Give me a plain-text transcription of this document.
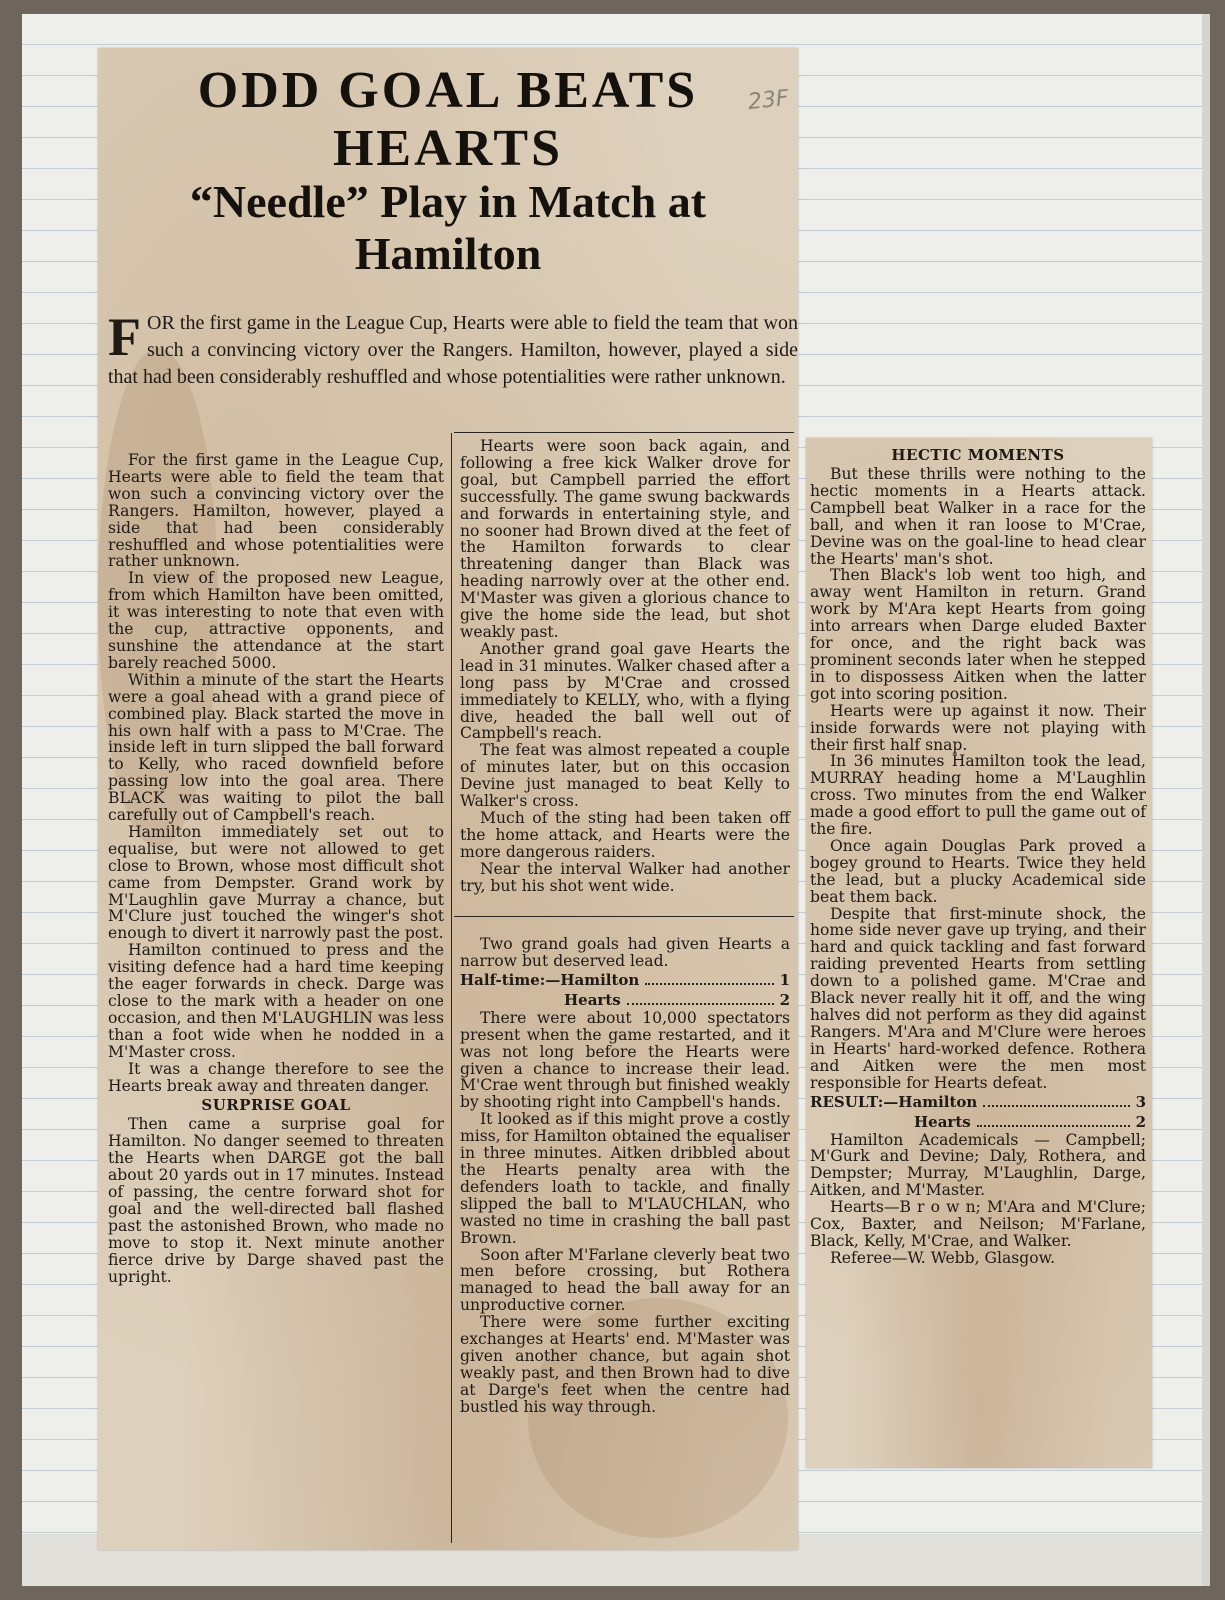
ODD GOAL BEATS HEARTS
“Needle” Play in Match at Hamilton
23F
FOR the first game in the League Cup, Hearts were able to field the team that won such a convincing victory over the Rangers. Hamilton, however, played a side that had been considerably reshuffled and whose potentialities were rather unknown.

For the first game in the League Cup, Hearts were able to field the team that won such a convincing victory over the Rangers. Hamilton, however, played a side that had been considerably reshuffled and whose potentialities were rather unknown.

In view of the proposed new League, from which Hamilton have been omitted, it was interesting to note that even with the cup, attractive opponents, and sunshine the attendance at the start barely reached 5000.

Within a minute of the start the Hearts were a goal ahead with a grand piece of combined play. Black started the move in his own half with a pass to M'Crae. The inside left in turn slipped the ball forward to Kelly, who raced downfield before passing low into the goal area. There BLACK was waiting to pilot the ball carefully out of Campbell's reach.

Hamilton immediately set out to equalise, but were not allowed to get close to Brown, whose most difficult shot came from Dempster. Grand work by M'Laughlin gave Murray a chance, but M'Clure just touched the winger's shot enough to divert it narrowly past the post.

Hamilton continued to press and the visiting defence had a hard time keeping the eager forwards in check. Darge was close to the mark with a header on one occasion, and then M'LAUGHLIN was less than a foot wide when he nodded in a M'Master cross.

It was a change therefore to see the Hearts break away and threaten danger.

SURPRISE GOAL

Then came a surprise goal for Hamilton. No danger seemed to threaten the Hearts when DARGE got the ball about 20 yards out in 17 minutes. Instead of passing, the centre forward shot for goal and the well-directed ball flashed past the astonished Brown, who made no move to stop it. Next minute another fierce drive by Darge shaved past the upright.

Hearts were soon back again, and following a free kick Walker drove for goal, but Campbell parried the effort successfully. The game swung backwards and forwards in entertaining style, and no sooner had Brown dived at the feet of the Hamilton forwards to clear threatening danger than Black was heading narrowly over at the other end. M'Master was given a glorious chance to give the home side the lead, but shot weakly past.

Another grand goal gave Hearts the lead in 31 minutes. Walker chased after a long pass by M'Crae and crossed immediately to KELLY, who, with a flying dive, headed the ball well out of Campbell's reach.

The feat was almost repeated a couple of minutes later, but on this occasion Devine just managed to beat Kelly to Walker's cross.

Much of the sting had been taken off the home attack, and Hearts were the more dangerous raiders.

Near the interval Walker had another try, but his shot went wide.

Two grand goals had given Hearts a narrow but deserved lead.

Half-time:—Hamilton	1
Hearts	2

There were about 10,000 spectators present when the game restarted, and it was not long before the Hearts were given a chance to increase their lead. M'Crae went through but finished weakly by shooting right into Campbell's hands.

It looked as if this might prove a costly miss, for Hamilton obtained the equaliser in three minutes. Aitken dribbled about the Hearts penalty area with the defenders loath to tackle, and finally slipped the ball to M'LAUCHLAN, who wasted no time in crashing the ball past Brown.

Soon after M'Farlane cleverly beat two men before crossing, but Rothera managed to head the ball away for an unproductive corner.

There were some further exciting exchanges at Hearts' end. M'Master was given another chance, but again shot weakly past, and then Brown had to dive at Darge's feet when the centre had bustled his way through.

HECTIC MOMENTS

But these thrills were nothing to the hectic moments in a Hearts attack. Campbell beat Walker in a race for the ball, and when it ran loose to M'Crae, Devine was on the goal-line to head clear the Hearts' man's shot.

Then Black's lob went too high, and away went Hamilton in return. Grand work by M'Ara kept Hearts from going into arrears when Darge eluded Baxter for once, and the right back was prominent seconds later when he stepped in to dispossess Aitken when the latter got into scoring position.

Hearts were up against it now. Their inside forwards were not playing with their first half snap.

In 36 minutes Hamilton took the lead, MURRAY heading home a M'Laughlin cross. Two minutes from the end Walker made a good effort to pull the game out of the fire.

Once again Douglas Park proved a bogey ground to Hearts. Twice they held the lead, but a plucky Academical side beat them back.

Despite that first-minute shock, the home side never gave up trying, and their hard and quick tackling and fast forward raiding prevented Hearts from settling down to a polished game. M'Crae and Black never really hit it off, and the wing halves did not perform as they did against Rangers. M'Ara and M'Clure were heroes in Hearts' hard-worked defence. Rothera and Aitken were the men most responsible for Hearts defeat.

RESULT:—Hamilton	3
Hearts	2

Hamilton Academicals — Campbell; M'Gurk and Devine; Daly, Rothera, and Dempster; Murray, M'Laughlin, Darge, Aitken, and M'Master.

Hearts—B r o w n; M'Ara and M'Clure; Cox, Baxter, and Neilson; M'Farlane, Black, Kelly, M'Crae, and Walker.

Referee—W. Webb, Glasgow.
